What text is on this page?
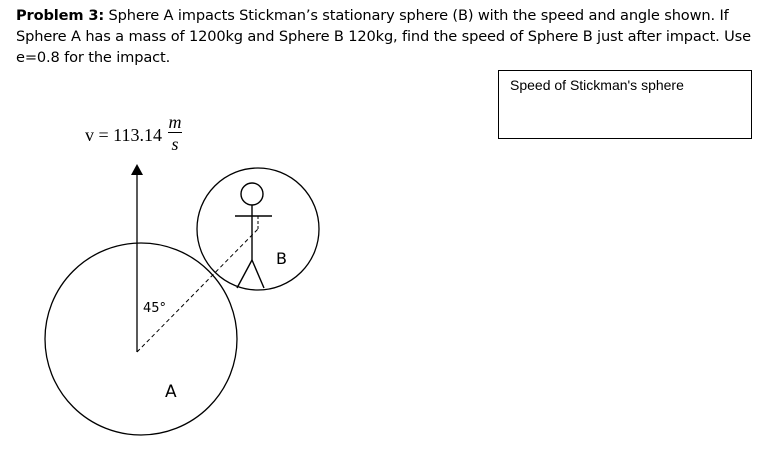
Problem 3: Sphere A impacts Stickman’s stationary sphere (B) with the speed and angle shown. If Sphere A has a mass of 1200kg and Sphere B 120kg, find the speed of Sphere B just after impact. Use e=0.8 for the impact.
Speed of Stickman's sphere
v = 113.14
m
s
45°
A
B
